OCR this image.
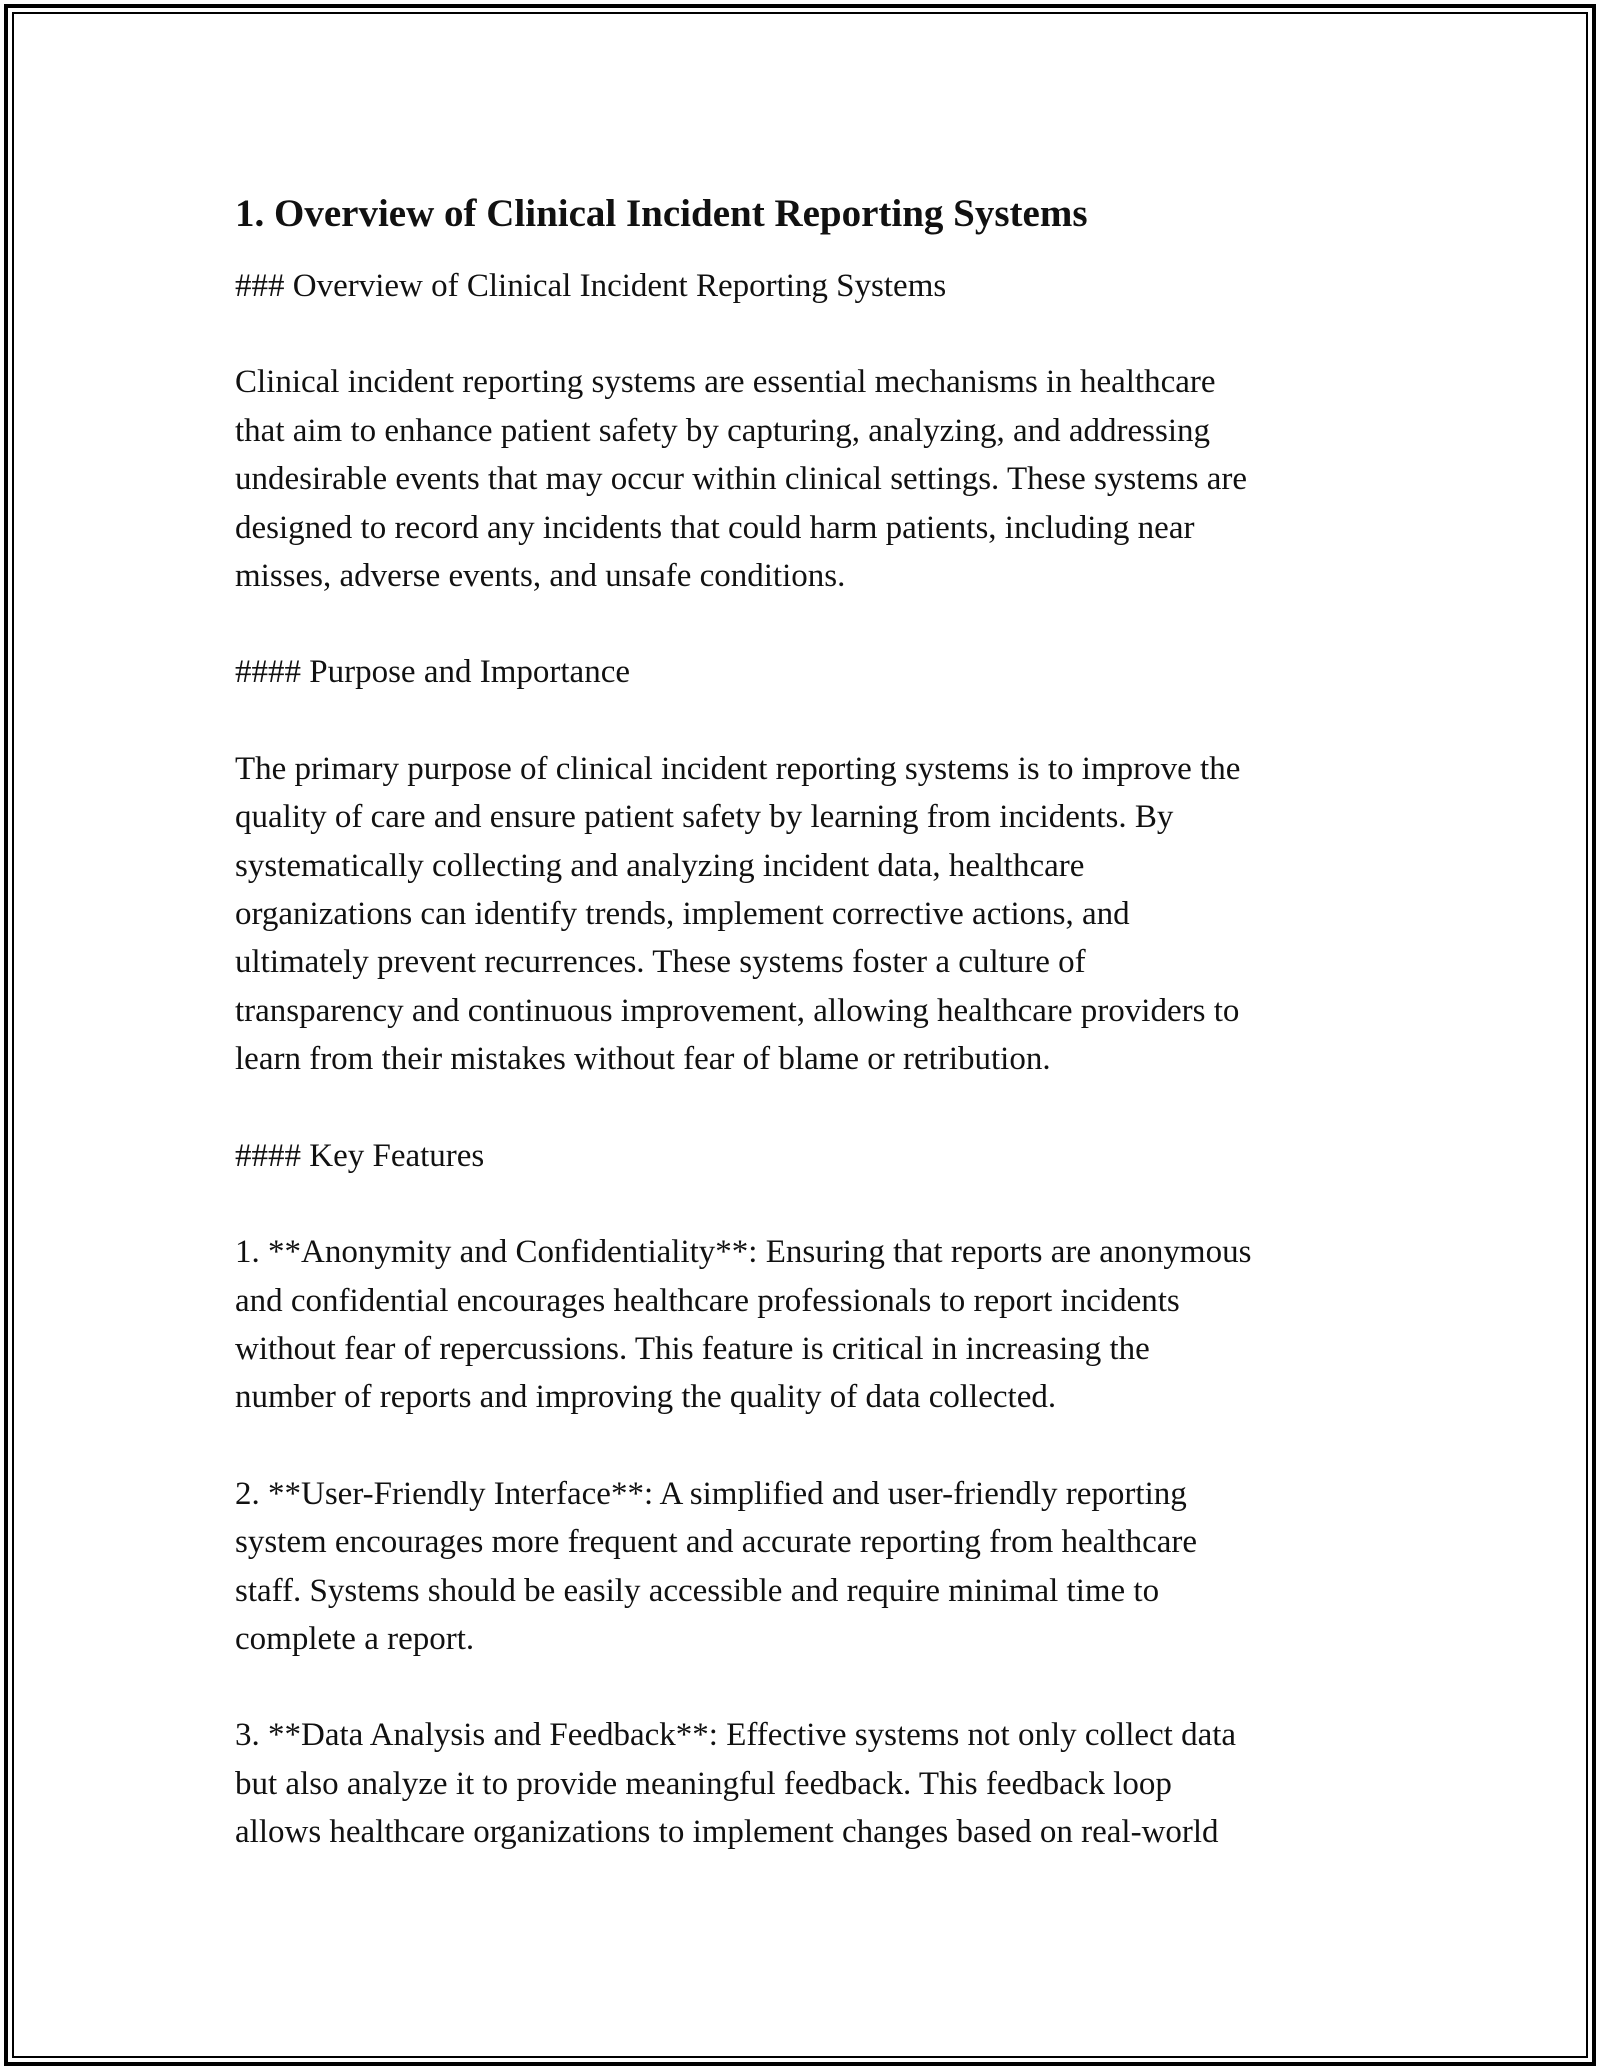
1. Overview of Clinical Incident Reporting Systems

### Overview of Clinical Incident Reporting Systems

Clinical incident reporting systems are essential mechanisms in healthcare
that aim to enhance patient safety by capturing, analyzing, and addressing
undesirable events that may occur within clinical settings. These systems are
designed to record any incidents that could harm patients, including near
misses, adverse events, and unsafe conditions.

#### Purpose and Importance

The primary purpose of clinical incident reporting systems is to improve the
quality of care and ensure patient safety by learning from incidents. By
systematically collecting and analyzing incident data, healthcare
organizations can identify trends, implement corrective actions, and
ultimately prevent recurrences. These systems foster a culture of
transparency and continuous improvement, allowing healthcare providers to
learn from their mistakes without fear of blame or retribution.

#### Key Features

1. **Anonymity and Confidentiality**: Ensuring that reports are anonymous
and confidential encourages healthcare professionals to report incidents
without fear of repercussions. This feature is critical in increasing the
number of reports and improving the quality of data collected.

2. **User-Friendly Interface**: A simplified and user-friendly reporting
system encourages more frequent and accurate reporting from healthcare
staff. Systems should be easily accessible and require minimal time to
complete a report.

3. **Data Analysis and Feedback**: Effective systems not only collect data
but also analyze it to provide meaningful feedback. This feedback loop
allows healthcare organizations to implement changes based on real-world
